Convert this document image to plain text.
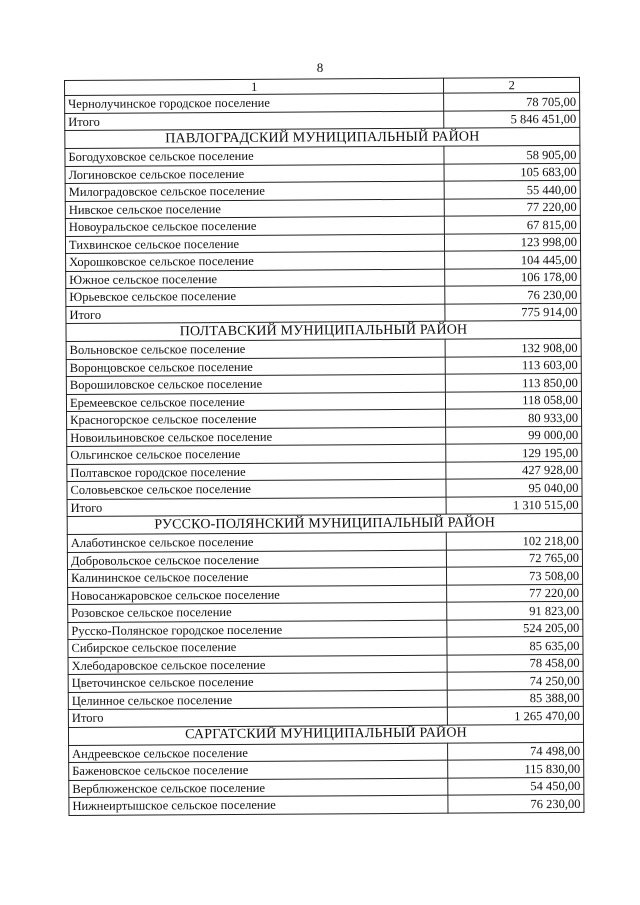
8
1	2
Чернолучинское городское поселение	78 705,00
Итого	5 846 451,00
ПАВЛОГРАДСКИЙ МУНИЦИПАЛЬНЫЙ РАЙОН	
Богодуховское сельское поселение	58 905,00
Логиновское сельское поселение	105 683,00
Милоградовское сельское поселение	55 440,00
Нивское сельское поселение	77 220,00
Новоуральское сельское поселение	67 815,00
Тихвинское сельское поселение	123 998,00
Хорошковское сельское поселение	104 445,00
Южное сельское поселение	106 178,00
Юрьевское сельское поселение	76 230,00
Итого	775 914,00
ПОЛТАВСКИЙ МУНИЦИПАЛЬНЫЙ РАЙОН	
Вольновское сельское поселение	132 908,00
Воронцовское сельское поселение	113 603,00
Ворошиловское сельское поселение	113 850,00
Еремеевское сельское поселение	118 058,00
Красногорское сельское поселение	80 933,00
Новоильиновское сельское поселение	99 000,00
Ольгинское сельское поселение	129 195,00
Полтавское городское поселение	427 928,00
Соловьевское сельское поселение	95 040,00
Итого	1 310 515,00
РУССКО-ПОЛЯНСКИЙ МУНИЦИПАЛЬНЫЙ РАЙОН	
Алаботинское сельское поселение	102 218,00
Добровольское сельское поселение	72 765,00
Калининское сельское поселение	73 508,00
Новосанжаровское сельское поселение	77 220,00
Розовское сельское поселение	91 823,00
Русско-Полянское городское поселение	524 205,00
Сибирское сельское поселение	85 635,00
Хлебодаровское сельское поселение	78 458,00
Цветочинское сельское поселение	74 250,00
Целинное сельское поселение	85 388,00
Итого	1 265 470,00
САРГАТСКИЙ МУНИЦИПАЛЬНЫЙ РАЙОН	
Андреевское сельское поселение	74 498,00
Баженовское сельское поселение	115 830,00
Верблюженское сельское поселение	54 450,00
Нижнеиртышское сельское поселение	76 230,00
